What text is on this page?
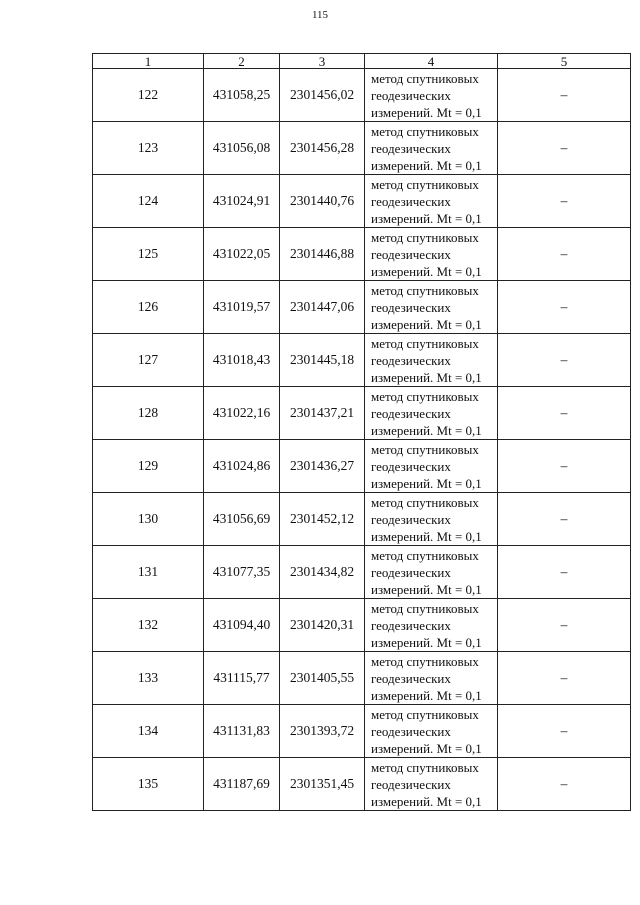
115
1	2	3	4	5
122	431058,25	2301456,02	метод спутниковых
геодезических
измерений. Mt = 0,1	–
123	431056,08	2301456,28	метод спутниковых
геодезических
измерений. Mt = 0,1	–
124	431024,91	2301440,76	метод спутниковых
геодезических
измерений. Mt = 0,1	–
125	431022,05	2301446,88	метод спутниковых
геодезических
измерений. Mt = 0,1	–
126	431019,57	2301447,06	метод спутниковых
геодезических
измерений. Mt = 0,1	–
127	431018,43	2301445,18	метод спутниковых
геодезических
измерений. Mt = 0,1	–
128	431022,16	2301437,21	метод спутниковых
геодезических
измерений. Mt = 0,1	–
129	431024,86	2301436,27	метод спутниковых
геодезических
измерений. Mt = 0,1	–
130	431056,69	2301452,12	метод спутниковых
геодезических
измерений. Mt = 0,1	–
131	431077,35	2301434,82	метод спутниковых
геодезических
измерений. Mt = 0,1	–
132	431094,40	2301420,31	метод спутниковых
геодезических
измерений. Mt = 0,1	–
133	431115,77	2301405,55	метод спутниковых
геодезических
измерений. Mt = 0,1	–
134	431131,83	2301393,72	метод спутниковых
геодезических
измерений. Mt = 0,1	–
135	431187,69	2301351,45	метод спутниковых
геодезических
измерений. Mt = 0,1	–
